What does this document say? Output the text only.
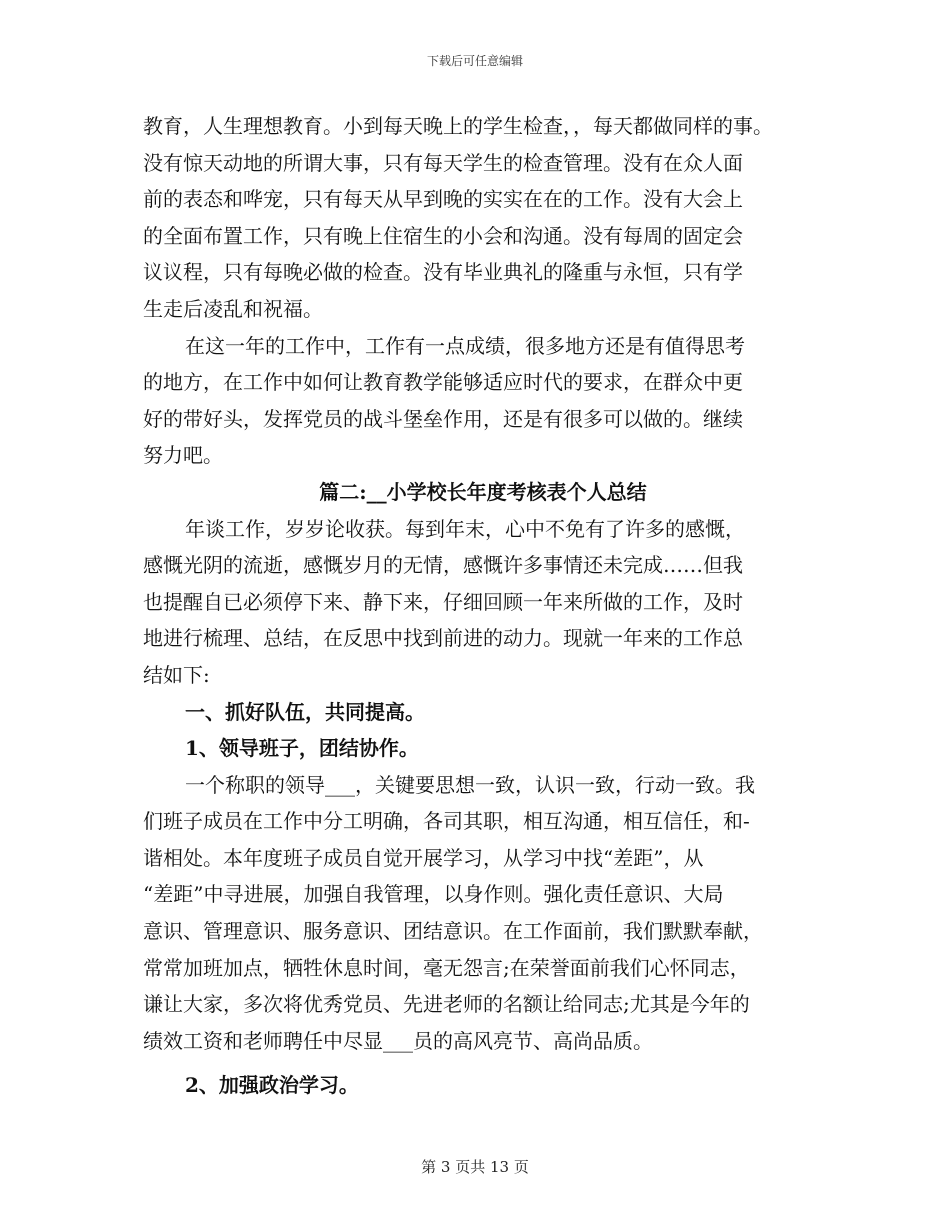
下载后可任意编辑
教育，人生理想教育。小到每天晚上的学生检查，，每天都做同样的事。
没有惊天动地的所谓大事，只有每天学生的检查管理。没有在众人面
前的表态和哗宠，只有每天从早到晚的实实在在的工作。没有大会上
的全面布置工作，只有晚上住宿生的小会和沟通。没有每周的固定会
议议程，只有每晚必做的检查。没有毕业典礼的隆重与永恒，只有学
生走后凌乱和祝福。
在这一年的工作中，工作有一点成绩，很多地方还是有值得思考
的地方，在工作中如何让教育教学能够适应时代的要求，在群众中更
好的带好头，发挥党员的战斗堡垒作用，还是有很多可以做的。继续
努力吧。
篇二:__小学校长年度考核表个人总结
年谈工作，岁岁论收获。每到年末，心中不免有了许多的感慨，
感慨光阴的流逝，感慨岁月的无情，感慨许多事情还未完成……但我
也提醒自已必须停下来、静下来，仔细回顾一年来所做的工作，及时
地进行梳理、总结，在反思中找到前进的动力。现就一年来的工作总
结如下:
一、抓好队伍，共同提高。
1、领导班子，团结协作。
一个称职的领导___，关键要思想一致，认识一致，行动一致。我
们班子成员在工作中分工明确，各司其职，相互沟通，相互信任，和-
谐相处。本年度班子成员自觉开展学习，从学习中找“差距”，从
“差距”中寻进展，加强自我管理，以身作则。强化责任意识、大局
意识、管理意识、服务意识、团结意识。在工作面前，我们默默奉献，
常常加班加点，牺牲休息时间，毫无怨言;在荣誉面前我们心怀同志，
谦让大家，多次将优秀党员、先进老师的名额让给同志;尤其是今年的
绩效工资和老师聘任中尽显___员的高风亮节、高尚品质。
2、加强政治学习。
第 3 页共 13 页
